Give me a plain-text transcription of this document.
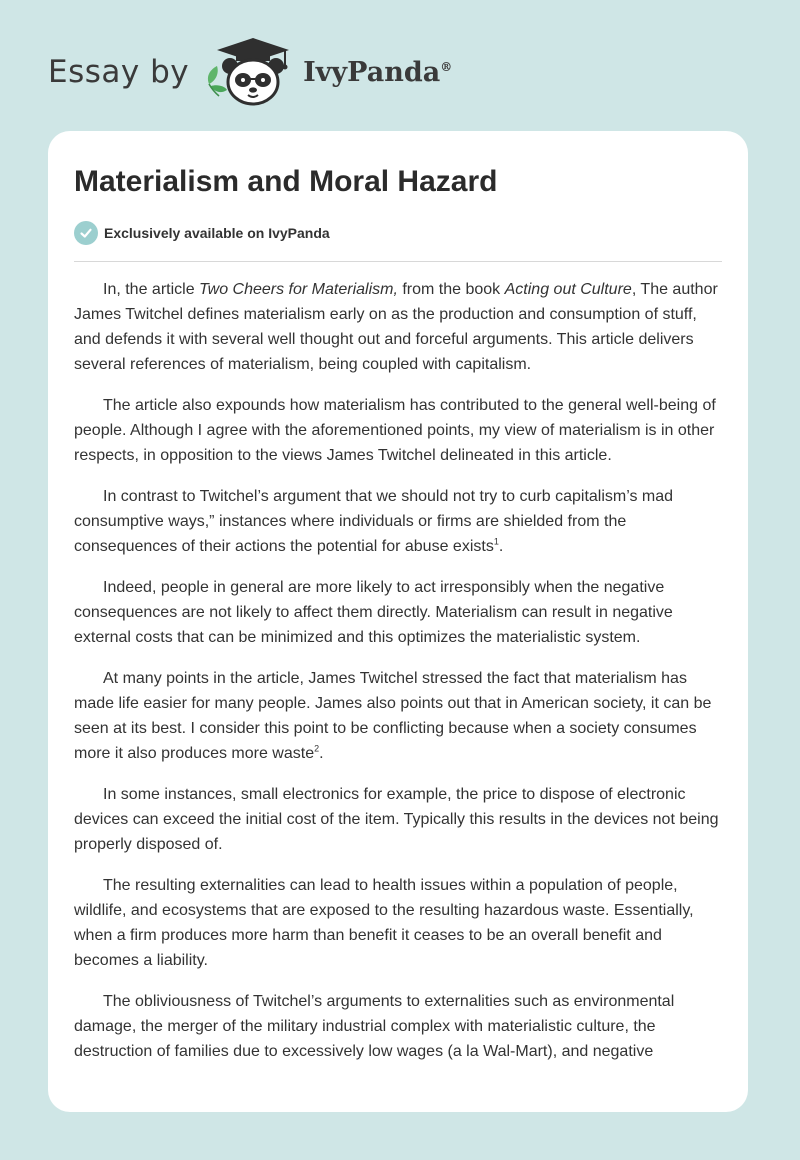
Essay by	IvyPanda®
Materialism and Moral Hazard
Exclusively available on IvyPanda

In, the article Two Cheers for Materialism, from the book Acting out Culture, The author James Twitchel defines materialism early on as the production and consumption of stuff, and defends it with several well thought out and forceful arguments. This article delivers several references of materialism, being coupled with capitalism.

The article also expounds how materialism has contributed to the general well-being of people. Although I agree with the aforementioned points, my view of materialism is in other respects, in opposition to the views James Twitchel delineated in this article.

In contrast to Twitchel’s argument that we should not try to curb capitalism’s mad consumptive ways,” instances where individuals or firms are shielded from the consequences of their actions the potential for abuse exists$^1$.

Indeed, people in general are more likely to act irresponsibly when the negative consequences are not likely to affect them directly. Materialism can result in negative external costs that can be minimized and this optimizes the materialistic system.

At many points in the article, James Twitchel stressed the fact that materialism has made life easier for many people. James also points out that in American society, it can be seen at its best. I consider this point to be conflicting because when a society consumes more it also produces more waste$^2$.

In some instances, small electronics for example, the price to dispose of electronic devices can exceed the initial cost of the item. Typically this results in the devices not being properly disposed of.

The resulting externalities can lead to health issues within a population of people, wildlife, and ecosystems that are exposed to the resulting hazardous waste. Essentially, when a firm produces more harm than benefit it ceases to be an overall benefit and becomes a liability.

The obliviousness of Twitchel’s arguments to externalities such as environmental damage, the merger of the military industrial complex with materialistic culture, the destruction of families due to excessively low wages (a la Wal-Mart), and negative
